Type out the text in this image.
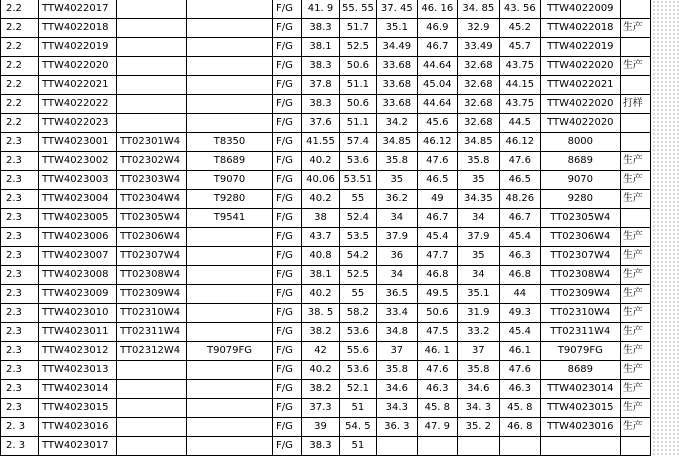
2.2	TTW4022017			F/G	41. 9	55. 55	37. 45	46. 16	34. 85	43. 56	TTW4022009	
2.2	TTW4022018			F/G	38.3	51.7	35.1	46.9	32.9	45.2	TTW4022018	生产
2.2	TTW4022019			F/G	38.1	52.5	34.49	46.7	33.49	45.7	TTW4022019	
2.2	TTW4022020			F/G	38.3	50.6	33.68	44.64	32.68	43.75	TTW4022020	生产
2.2	TTW4022021			F/G	37.8	51.1	33.68	45.04	32.68	44.15	TTW4022021	
2.2	TTW4022022			F/G	38.3	50.6	33.68	44.64	32.68	43.75	TTW4022020	打样
2.2	TTW4022023			F/G	37.6	51.1	34.2	45.6	32.68	44.5	TTW4022020	
2.3	TTW4023001	TT02301W4	T8350	F/G	41.55	57.4	34.85	46.12	34.85	46.12	8000	
2.3	TTW4023002	TT02302W4	T8689	F/G	40.2	53.6	35.8	47.6	35.8	47.6	8689	生产
2.3	TTW4023003	TT02303W4	T9070	F/G	40.06	53.51	35	46.5	35	46.5	9070	生产
2.3	TTW4023004	TT02304W4	T9280	F/G	40.2	55	36.2	49	34.35	48.26	9280	生产
2.3	TTW4023005	TT02305W4	T9541	F/G	38	52.4	34	46.7	34	46.7	TT02305W4	
2.3	TTW4023006	TT02306W4		F/G	43.7	53.5	37.9	45.4	37.9	45.4	TT02306W4	生产
2.3	TTW4023007	TT02307W4		F/G	40.8	54.2	36	47.7	35	46.3	TT02307W4	生产
2.3	TTW4023008	TT02308W4		F/G	38.1	52.5	34	46.8	34	46.8	TT02308W4	生产
2.3	TTW4023009	TT02309W4		F/G	40.2	55	36.5	49.5	35.1	44	TT02309W4	生产
2.3	TTW4023010	TT02310W4		F/G	38. 5	58.2	33.4	50.6	31.9	49.3	TT02310W4	生产
2.3	TTW4023011	TT02311W4		F/G	38.2	53.6	34.8	47.5	33.2	45.4	TT02311W4	生产
2.3	TTW4023012	TT02312W4	T9079FG	F/G	42	55.6	37	46. 1	37	46.1	T9079FG	生产
2.3	TTW4023013			F/G	40.2	53.6	35.8	47.6	35.8	47.6	8689	生产
2.3	TTW4023014			F/G	38.2	52.1	34.6	46.3	34.6	46.3	TTW4023014	生产
2.3	TTW4023015			F/G	37.3	51	34.3	45. 8	34. 3	45. 8	TTW4023015	生产
2. 3	TTW4023016			F/G	39	54. 5	36. 3	47. 9	35. 2	46. 8	TTW4023016	生产
2. 3	TTW4023017			F/G	38.3	51						
